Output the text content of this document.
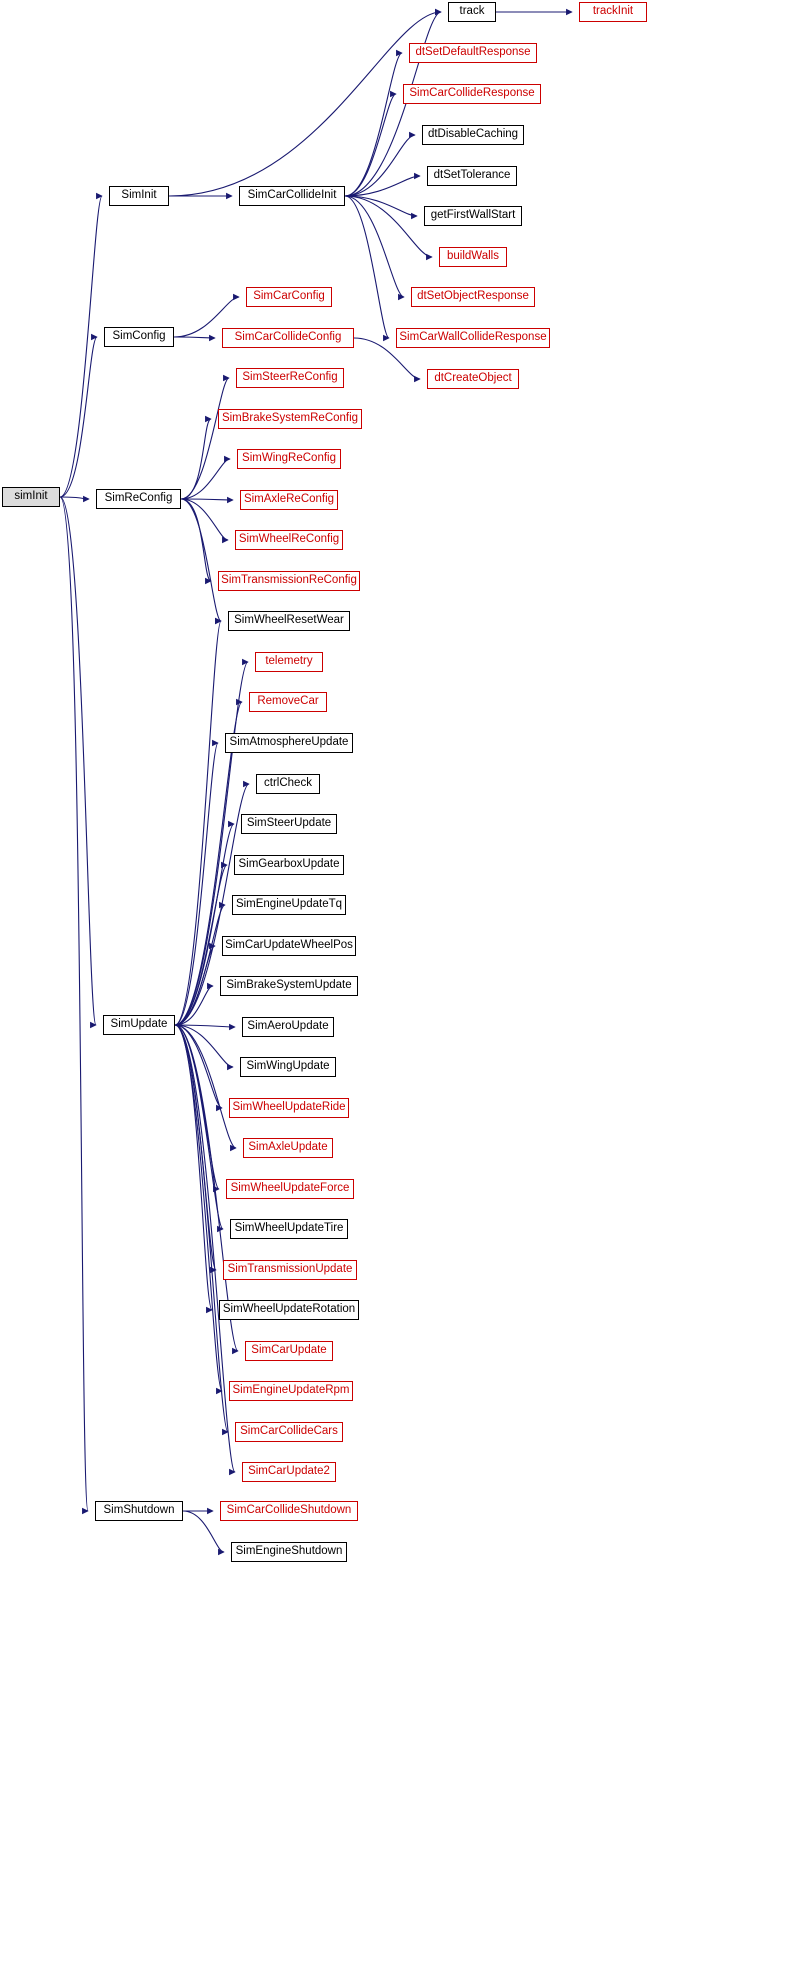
simInit
SimInit
SimConfig
SimReConfig
SimUpdate
SimShutdown
SimCarCollideInit
track	trackInit
dtSetDefaultResponse
SimCarCollideResponse
dtDisableCaching
dtSetTolerance
getFirstWallStart
buildWalls
dtSetObjectResponse
SimCarWallCollideResponse
dtCreateObject
SimCarConfig
SimCarCollideConfig
SimSteerReConfig
SimBrakeSystemReConfig
SimWingReConfig
SimAxleReConfig
SimWheelReConfig
SimTransmissionReConfig
SimWheelResetWear
telemetry
RemoveCar
SimAtmosphereUpdate
ctrlCheck
SimSteerUpdate
SimGearboxUpdate
SimEngineUpdateTq
SimCarUpdateWheelPos
SimBrakeSystemUpdate
SimAeroUpdate
SimWingUpdate
SimWheelUpdateRide
SimAxleUpdate
SimWheelUpdateForce
SimWheelUpdateTire
SimTransmissionUpdate
SimWheelUpdateRotation
SimCarUpdate
SimEngineUpdateRpm
SimCarCollideCars
SimCarUpdate2
SimCarCollideShutdown
SimEngineShutdown
